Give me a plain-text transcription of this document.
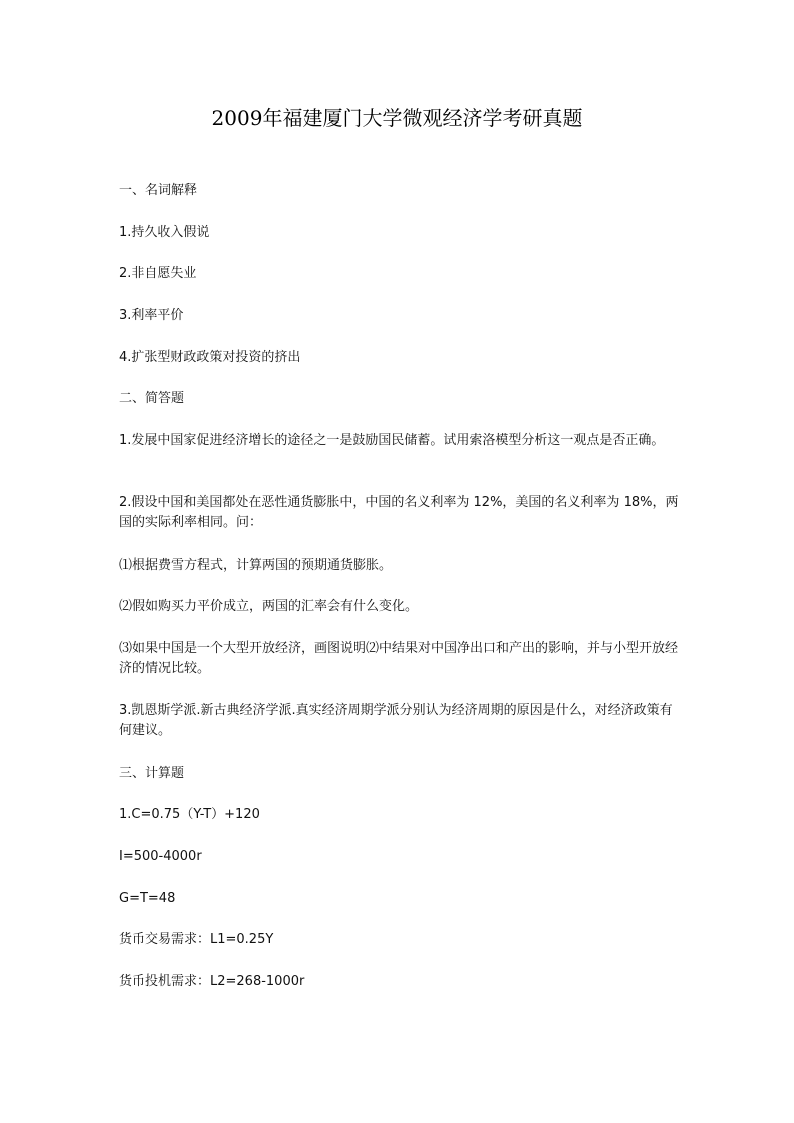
2009年福建厦门大学微观经济学考研真题
一、名词解释
1.持久收入假说
2.非自愿失业
3.利率平价
4.扩张型财政政策对投资的挤出
二、简答题
1.发展中国家促进经济增长的途径之一是鼓励国民储蓄。试用索洛模型分析这一观点是否正确。
2.假设中国和美国都处在恶性通货膨胀中，中国的名义利率为 12%，美国的名义利率为 18%，两国的实际利率相同。问：
⑴根据费雪方程式，计算两国的预期通货膨胀。
⑵假如购买力平价成立，两国的汇率会有什么变化。
⑶如果中国是一个大型开放经济，画图说明⑵中结果对中国净出口和产出的影响，并与小型开放经济的情况比较。
3.凯恩斯学派.新古典经济学派.真实经济周期学派分别认为经济周期的原因是什么，对经济政策有何建议。
三、计算题
1.C=0.75（Y-T）+120
I=500-4000r
G=T=48
货币交易需求：L1=0.25Y
货币投机需求：L2=268-1000r
